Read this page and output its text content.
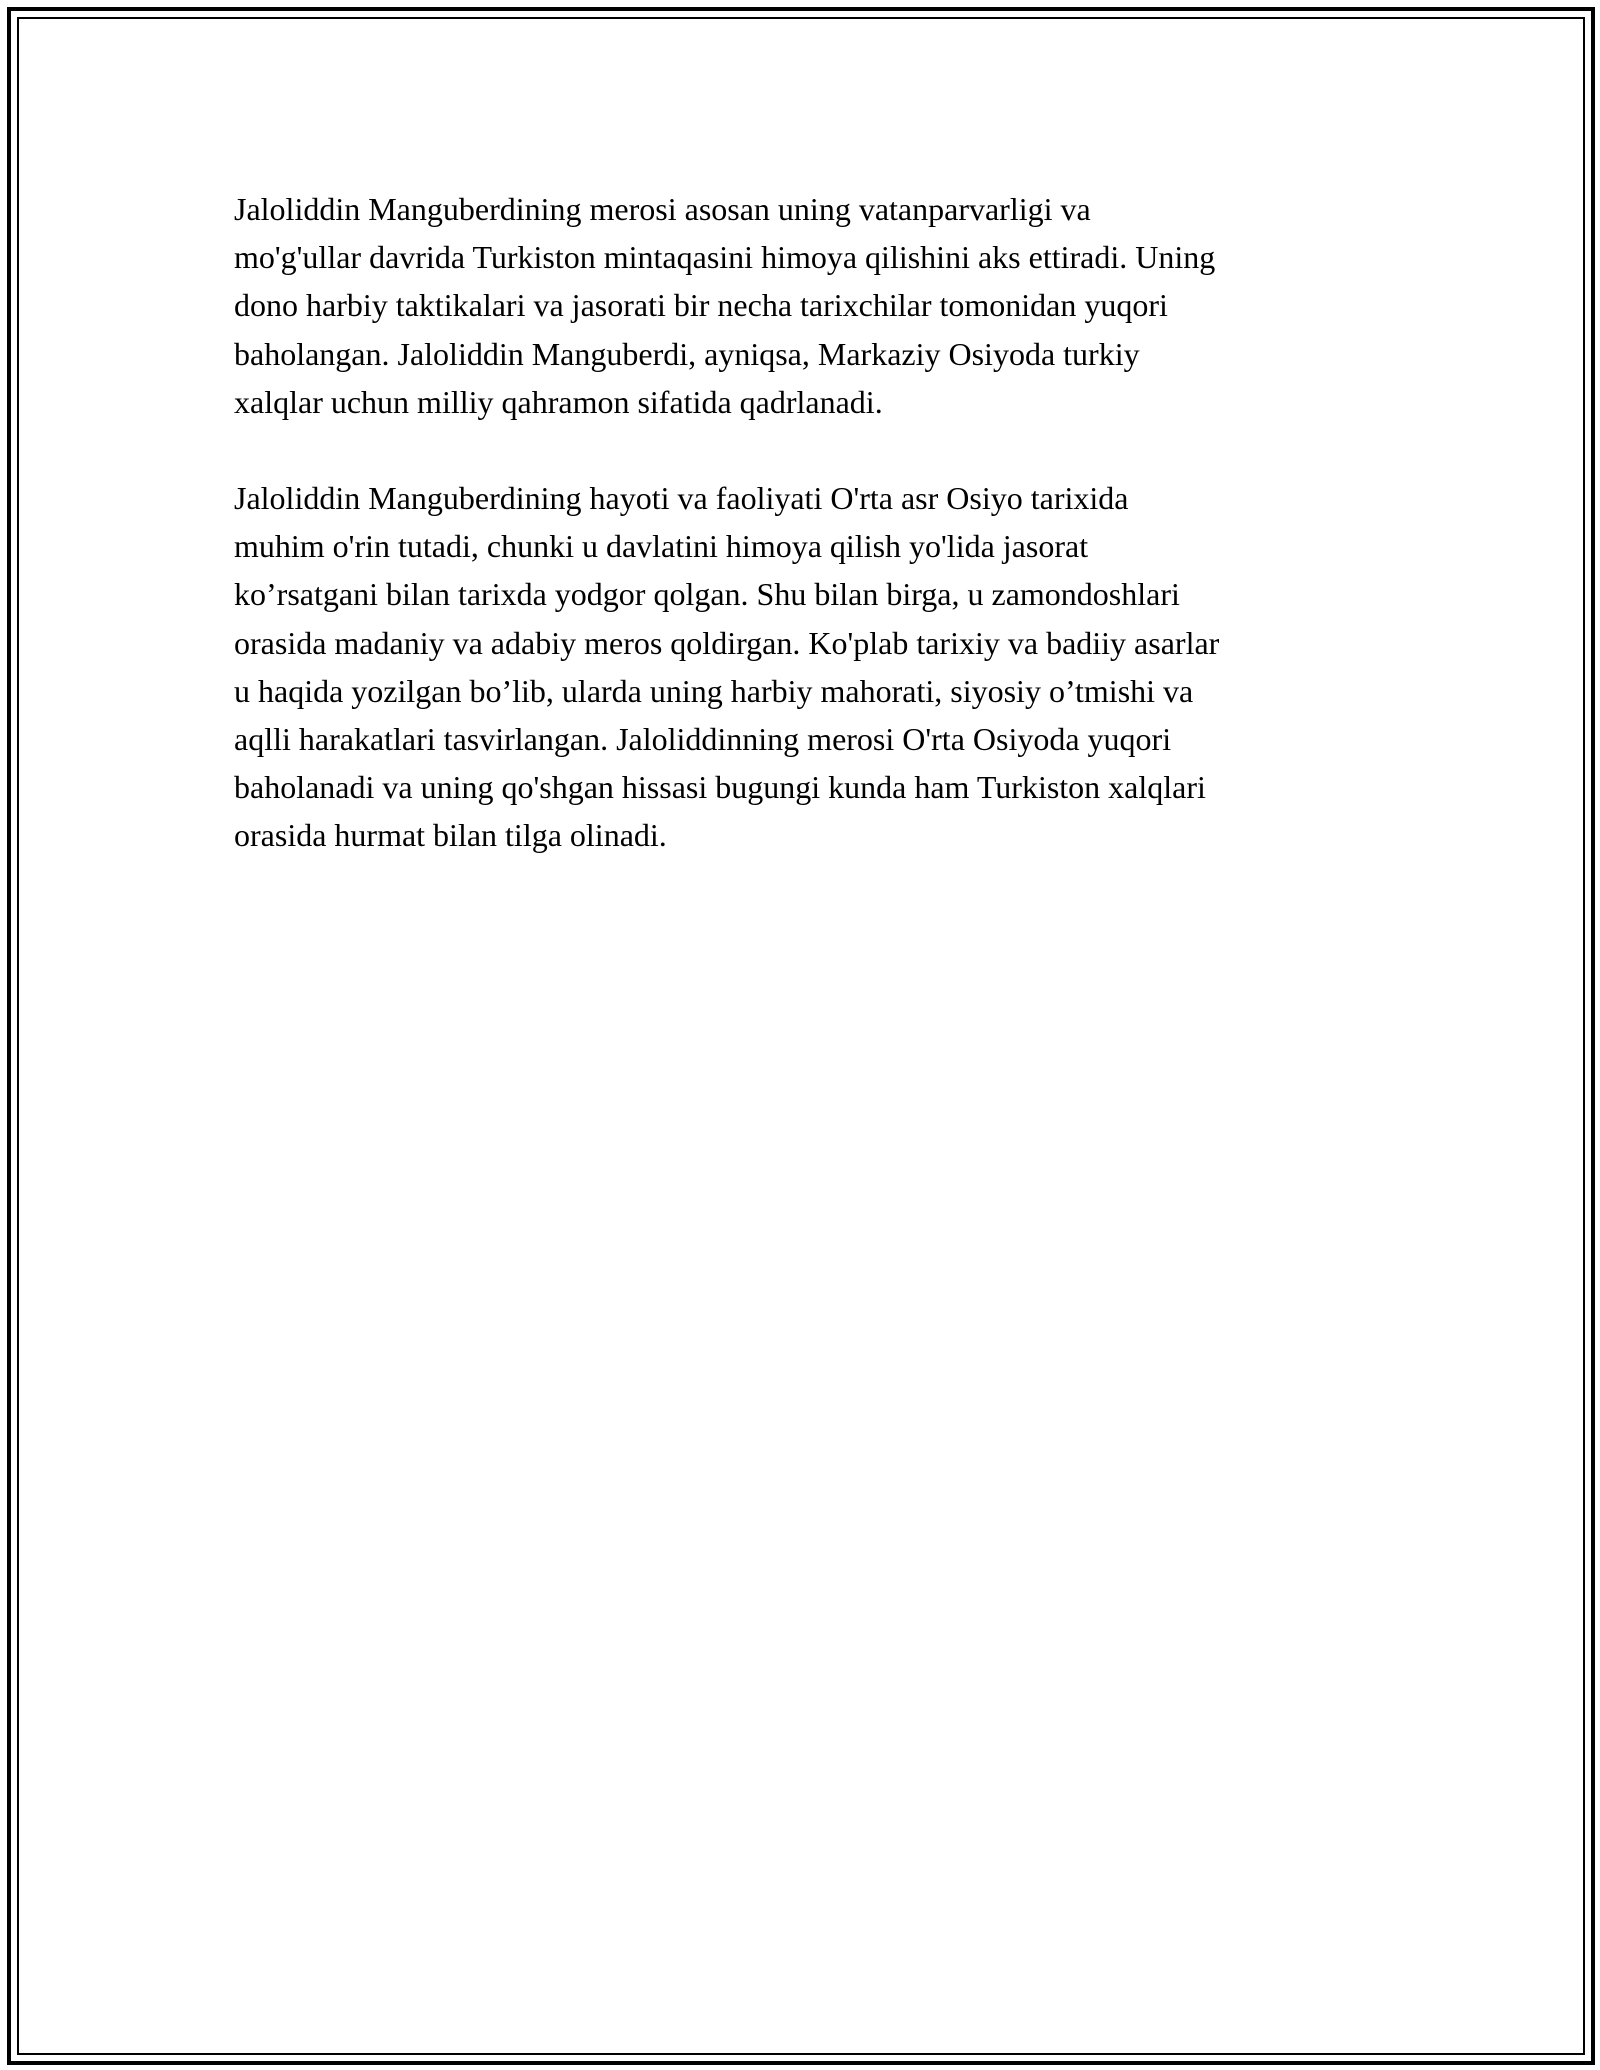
Jaloliddin Manguberdining merosi asosan uning vatanparvarligi va
mo'g'ullar davrida Turkiston mintaqasini himoya qilishini aks ettiradi. Uning
dono harbiy taktikalari va jasorati bir necha tarixchilar tomonidan yuqori
baholangan. Jaloliddin Manguberdi, ayniqsa, Markaziy Osiyoda turkiy
xalqlar uchun milliy qahramon sifatida qadrlanadi.

Jaloliddin Manguberdining hayoti va faoliyati O'rta asr Osiyo tarixida
muhim o'rin tutadi, chunki u davlatini himoya qilish yo'lida jasorat
ko’rsatgani bilan tarixda yodgor qolgan. Shu bilan birga, u zamondoshlari
orasida madaniy va adabiy meros qoldirgan. Ko'plab tarixiy va badiiy asarlar
u haqida yozilgan bo’lib, ularda uning harbiy mahorati, siyosiy o’tmishi va
aqlli harakatlari tasvirlangan. Jaloliddinning merosi O'rta Osiyoda yuqori
baholanadi va uning qo'shgan hissasi bugungi kunda ham Turkiston xalqlari
orasida hurmat bilan tilga olinadi.
